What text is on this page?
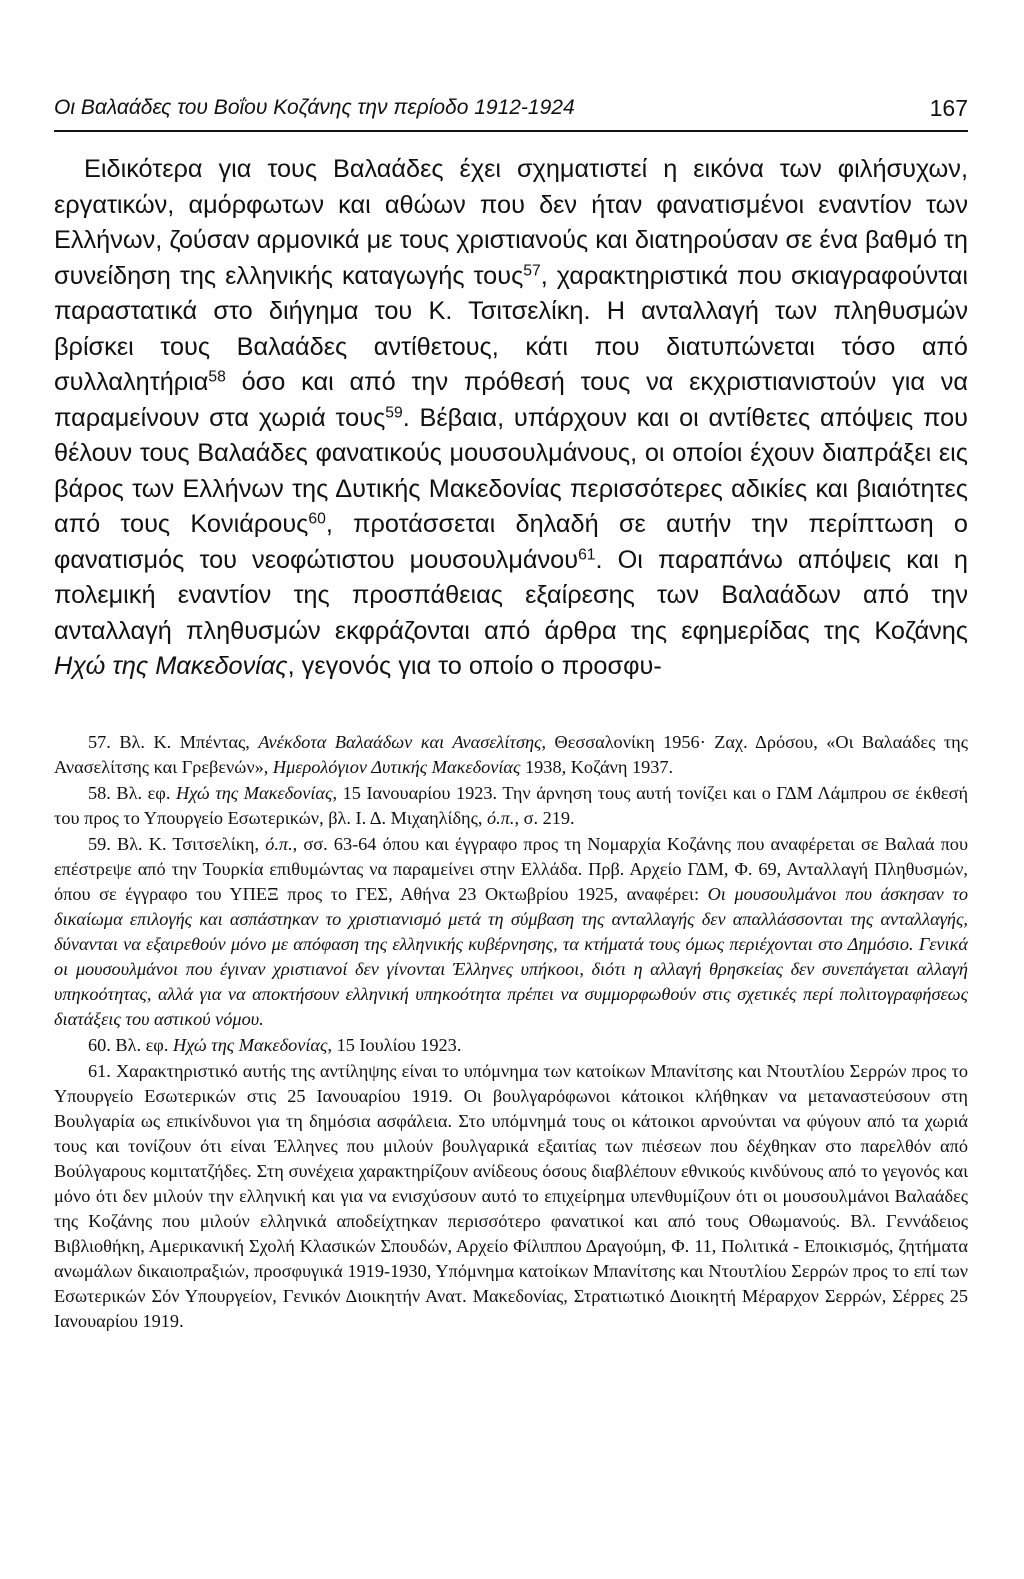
Οι Βαλαάδες του Βοΐου Κοζάνης την περίοδο 1912-1924	167

Ειδικότερα για τους Βαλαάδες έχει σχηματιστεί η εικόνα των φιλήσυχων, εργατικών, αμόρφωτων και αθώων που δεν ήταν φανατισμένοι εναντίον των Ελλήνων, ζούσαν αρμονικά με τους χριστιανούς και διατηρούσαν σε ένα βαθμό τη συνείδηση της ελληνικής καταγωγής τους$^{57}$, χαρακτηριστικά που σκιαγραφούνται παραστατικά στο διήγημα του Κ. Τσιτσελίκη. Η ανταλλαγή των πληθυσμών βρίσκει τους Βαλαάδες αντίθετους, κάτι που διατυπώνεται τόσο από συλλαλητήρια$^{58}$ όσο και από την πρόθεσή τους να εκχριστιανιστούν για να παραμείνουν στα χωριά τους$^{59}$. Βέβαια, υπάρχουν και οι αντίθετες απόψεις που θέλουν τους Βαλαάδες φανατικούς μουσουλμάνους, οι οποίοι έχουν διαπράξει εις βάρος των Ελλήνων της Δυτικής Μακεδονίας περισσότερες αδικίες και βιαιότητες από τους Κονιάρους$^{60}$, προτάσσεται δηλαδή σε αυτήν την περίπτωση ο φανατισμός του νεοφώτιστου μουσουλμάνου$^{61}$. Οι παραπάνω απόψεις και η πολεμική εναντίον της προσπάθειας εξαίρεσης των Βαλαάδων από την ανταλλαγή πληθυσμών εκφράζονται από άρθρα της εφημερίδας της Κοζάνης Ηχώ της Μακεδονίας, γεγονός για το οποίο ο προσφυ-

57. Βλ. Κ. Μπέντας, Ανέκδοτα Βαλαάδων και Ανασελίτσης, Θεσσαλονίκη 1956· Ζαχ. Δρόσου, «Οι Βαλαάδες της Ανασελίτσης και Γρεβενών», Ημερολόγιον Δυτικής Μακεδονίας 1938, Κοζάνη 1937.

58. Βλ. εφ. Ηχώ της Μακεδονίας, 15 Ιανουαρίου 1923. Την άρνηση τους αυτή τονίζει και ο ΓΔΜ Λάμπρου σε έκθεσή του προς το Υπουργείο Εσωτερικών, βλ. Ι. Δ. Μιχαηλίδης, ό.π., σ. 219.

59. Βλ. Κ. Τσιτσελίκη, ό.π., σσ. 63-64 όπου και έγγραφο προς τη Νομαρχία Κοζάνης που αναφέρεται σε Βαλαά που επέστρεψε από την Τουρκία επιθυμώντας να παραμείνει στην Ελλάδα. Πρβ. Αρχείο ΓΔΜ, Φ. 69, Ανταλλαγή Πληθυσμών, όπου σε έγγραφο του ΥΠΕΞ προς το ΓΕΣ, Αθήνα 23 Οκτωβρίου 1925, αναφέρει: Οι μουσουλμάνοι που άσκησαν το δικαίωμα επιλογής και ασπάστηκαν το χριστιανισμό μετά τη σύμβαση της ανταλλαγής δεν απαλλάσσονται της ανταλλαγής, δύνανται να εξαιρεθούν μόνο με απόφαση της ελληνικής κυβέρνησης, τα κτήματά τους όμως περιέχονται στο Δημόσιο. Γενικά οι μουσουλμάνοι που έγιναν χριστιανοί δεν γίνονται Έλληνες υπήκοοι, διότι η αλλαγή θρησκείας δεν συνεπάγεται αλλαγή υπηκοότητας, αλλά για να αποκτήσουν ελληνική υπηκοότητα πρέπει να συμμορφωθούν στις σχετικές περί πολιτογραφήσεως διατάξεις του αστικού νόμου.

60. Βλ. εφ. Ηχώ της Μακεδονίας, 15 Ιουλίου 1923.

61. Χαρακτηριστικό αυτής της αντίληψης είναι το υπόμνημα των κατοίκων Μπανίτσης και Ντουτλίου Σερρών προς το Υπουργείο Εσωτερικών στις 25 Ιανουαρίου 1919. Οι βουλγαρόφωνοι κάτοικοι κλήθηκαν να μεταναστεύσουν στη Βουλγαρία ως επικίνδυνοι για τη δημόσια ασφάλεια. Στο υπόμνημά τους οι κάτοικοι αρνούνται να φύγουν από τα χωριά τους και τονίζουν ότι είναι Έλληνες που μιλούν βουλγαρικά εξαιτίας των πιέσεων που δέχθηκαν στο παρελθόν από Βούλγαρους κομιτατζήδες. Στη συνέχεια χαρακτηρίζουν ανίδεους όσους διαβλέπουν εθνικούς κινδύνους από το γεγονός και μόνο ότι δεν μιλούν την ελληνική και για να ενισχύσουν αυτό το επιχείρημα υπενθυμίζουν ότι οι μουσουλμάνοι Βαλαάδες της Κοζάνης που μιλούν ελληνικά αποδείχτηκαν περισσότερο φανατικοί και από τους Οθωμανούς. Βλ. Γεννάδειος Βιβλιοθήκη, Αμερικανική Σχολή Κλασικών Σπουδών, Αρχείο Φίλιππου Δραγούμη, Φ. 11, Πολιτικά - Εποικισμός, ζητήματα ανωμάλων δικαιοπραξιών, προσφυγικά 1919-1930, Υπόμνημα κατοίκων Μπανίτσης και Ντουτλίου Σερρών προς το επί των Εσωτερικών Σόν Υπουργείον, Γενικόν Διοικητήν Ανατ. Μακεδονίας, Στρατιωτικό Διοικητή Μέραρχον Σερρών, Σέρρες 25 Ιανουαρίου 1919.
